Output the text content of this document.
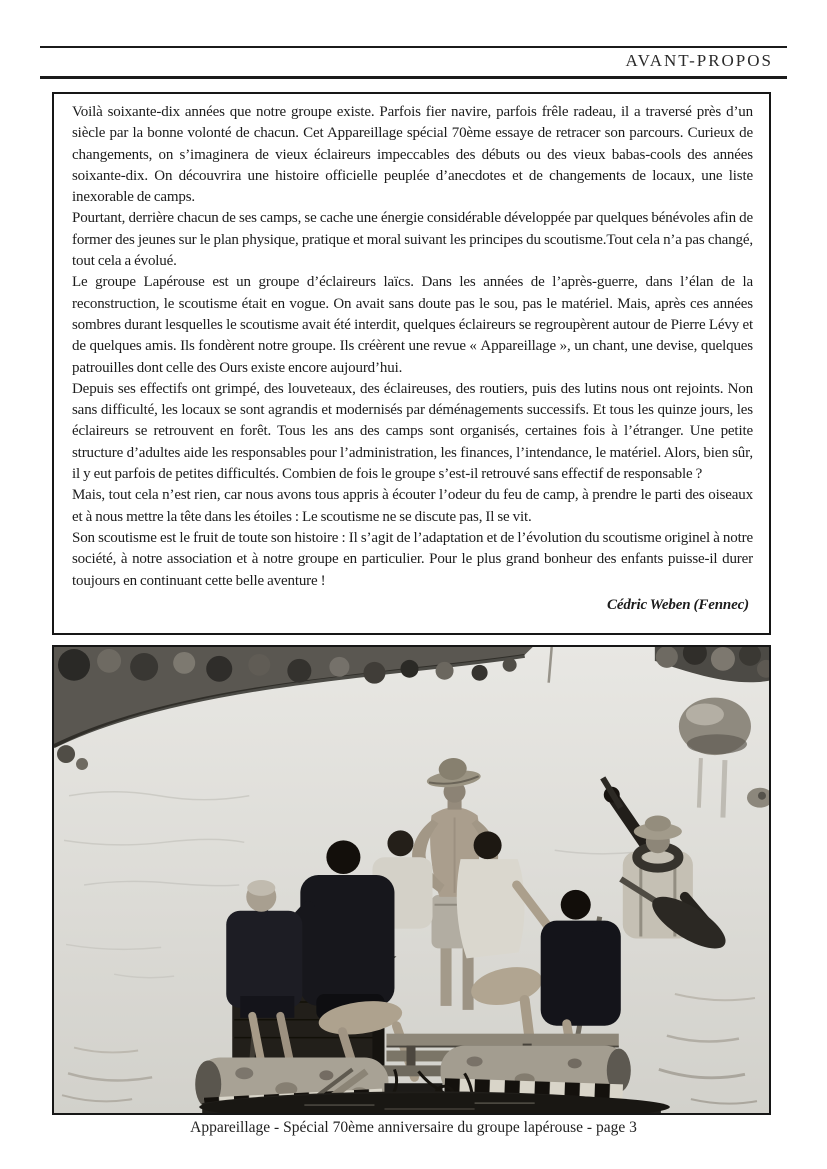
AVANT-PROPOS

Voilà soixante-dix années que notre groupe existe. Parfois fier navire, parfois frêle radeau, il a traversé près d’un siècle par la bonne volonté de chacun. Cet Appareillage spécial 70ème essaye de retracer son parcours. Curieux de changements, on s’imaginera de vieux éclaireurs impeccables des débuts ou des vieux babas-cools des années soixante-dix. On découvrira une histoire officielle peuplée d’anecdotes et de changements de locaux, une liste inexorable de camps.

Pourtant, derrière chacun de ses camps, se cache une énergie considérable développée par quelques bénévoles afin de former des jeunes sur le plan physique, pratique et moral suivant les principes du scoutisme.Tout cela n’a pas changé, tout cela a évolué.

Le groupe Lapérouse est un groupe d’éclaireurs laïcs. Dans les années de l’après-guerre, dans l’élan de la reconstruction, le scoutisme était en vogue. On avait sans doute pas le sou, pas le matériel. Mais, après ces années sombres durant lesquelles le scoutisme avait été interdit, quelques éclaireurs se regroupèrent autour de Pierre Lévy et de quelques amis. Ils fondèrent notre groupe. Ils créèrent une revue « Appareillage », un chant, une devise, quelques patrouilles dont celle des Ours existe encore aujourd’hui.

Depuis ses effectifs ont grimpé, des louveteaux, des éclaireuses, des routiers, puis des lutins nous ont rejoints. Non sans difficulté, les locaux se sont agrandis et modernisés par déménagements successifs. Et tous les quinze jours, les éclaireurs se retrouvent en forêt. Tous les ans des camps sont organisés, certaines fois à l’étranger. Une petite structure d’adultes aide les responsables pour l’administration, les finances, l’intendance, le matériel. Alors, bien sûr, il y eut parfois de petites difficultés. Combien de fois le groupe s’est-il retrouvé sans effectif de responsable ?

Mais, tout cela n’est rien, car nous avons tous appris à écouter l’odeur du feu de camp, à prendre le parti des oiseaux et à nous mettre la tête dans les étoiles : Le scoutisme ne se discute pas, Il se vit.

Son scoutisme est le fruit de toute son histoire : Il s’agit de l’adaptation et de l’évolution du scoutisme originel à notre société, à notre association et à notre groupe en particulier. Pour le plus grand bonheur des enfants puisse-il durer toujours en continuant cette belle aventure !

Cédric Weben (Fennec)
Appareillage - Spécial 70ème anniversaire du groupe lapérouse - page 3
